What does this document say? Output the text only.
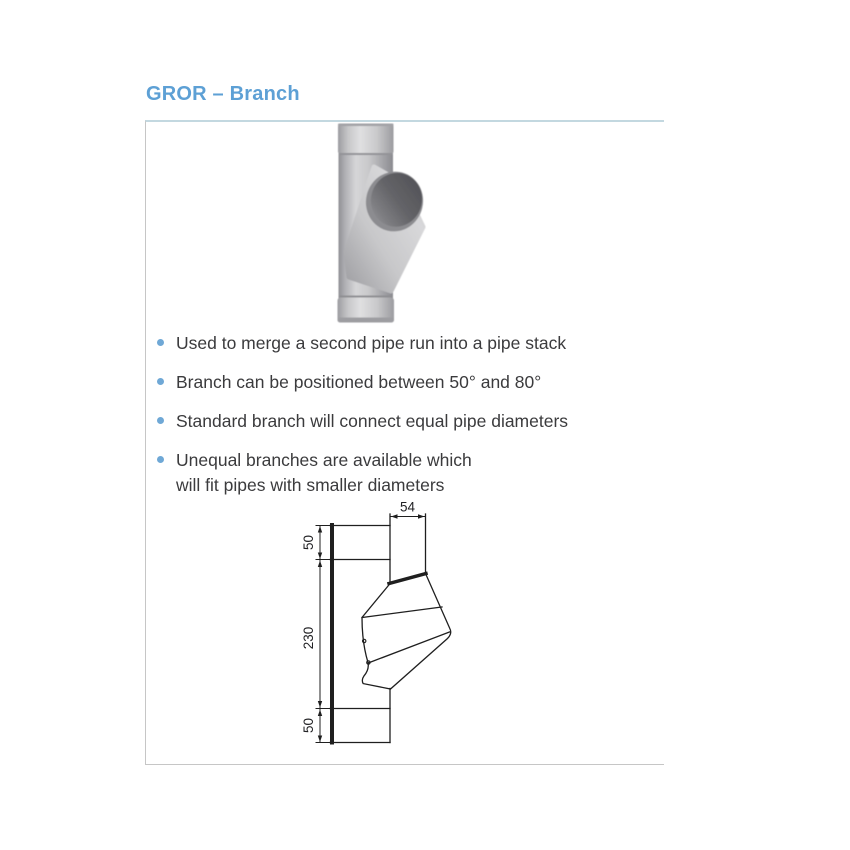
GROR – Branch
Used to merge a second pipe run into a pipe stack
Branch can be positioned between 50° and 80°
Standard branch will connect equal pipe diameters
Unequal branches are available which
will fit pipes with smaller diameters
54
50
230
50
